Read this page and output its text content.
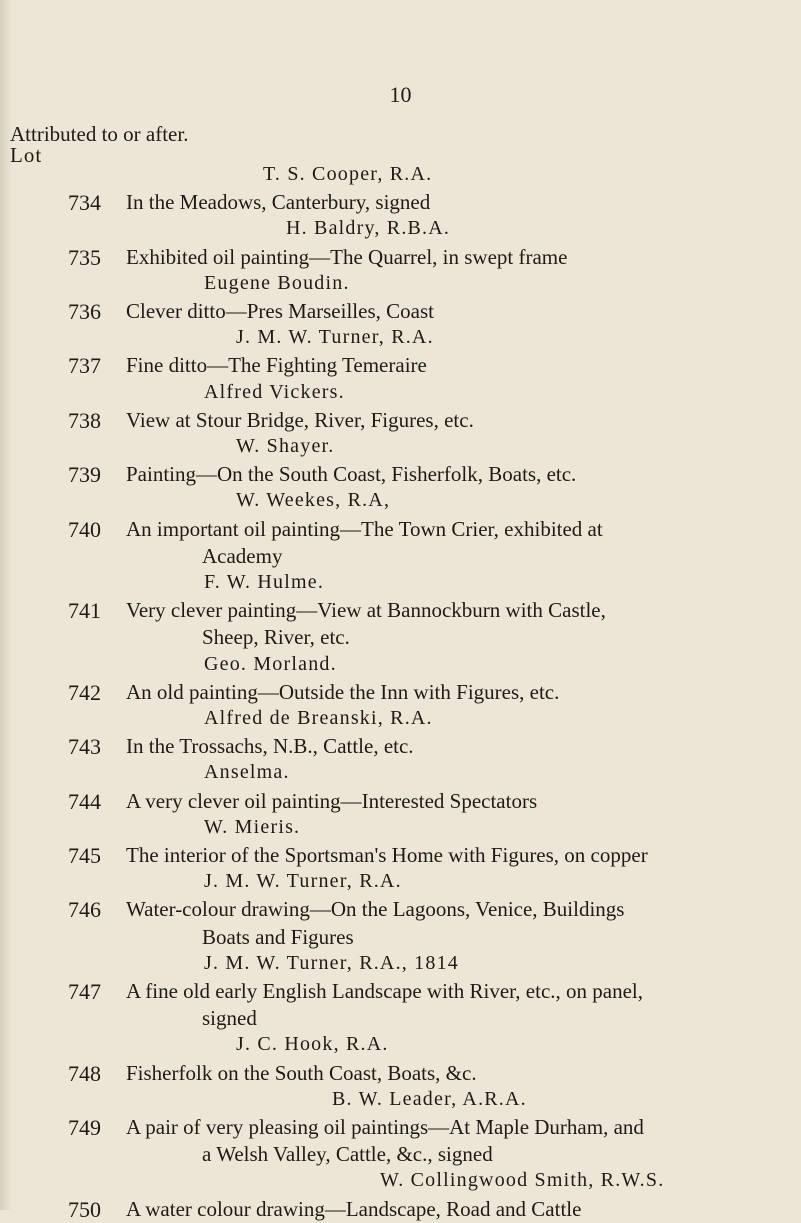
10
Attributed to or after.
Lot
T. S. Cooper, R.A.
734 In the Meadows, Canterbury, signed
H. Baldry, R.B.A.
735 Exhibited oil painting—The Quarrel, in swept frame
Eugene Boudin.
736 Clever ditto—Pres Marseilles, Coast
J. M. W. Turner, R.A.
737 Fine ditto—The Fighting Temeraire
Alfred Vickers.
738 View at Stour Bridge, River, Figures, etc.
W. Shayer.
739 Painting—On the South Coast, Fisherfolk, Boats, etc.
W. Weekes, R.A,
740 An important oil painting—The Town Crier, exhibited at
Academy
F. W. Hulme.
741 Very clever painting—View at Bannockburn with Castle,
Sheep, River, etc.
Geo. Morland.
742 An old painting—Outside the Inn with Figures, etc.
Alfred de Breanski, R.A.
743 In the Trossachs, N.B., Cattle, etc.
Anselma.
744 A very clever oil painting—Interested Spectators
W. Mieris.
745 The interior of the Sportsman's Home with Figures, on copper
J. M. W. Turner, R.A.
746 Water-colour drawing—On the Lagoons, Venice, Buildings
Boats and Figures
J. M. W. Turner, R.A., 1814
747 A fine old early English Landscape with River, etc., on panel,
signed
J. C. Hook, R.A.
748 Fisherfolk on the South Coast, Boats, &c.
B. W. Leader, A.R.A.
749 A pair of very pleasing oil paintings—At Maple Durham, and
a Welsh Valley, Cattle, &c., signed
W. Collingwood Smith, R.W.S.
750 A water colour drawing—Landscape, Road and Cattle
